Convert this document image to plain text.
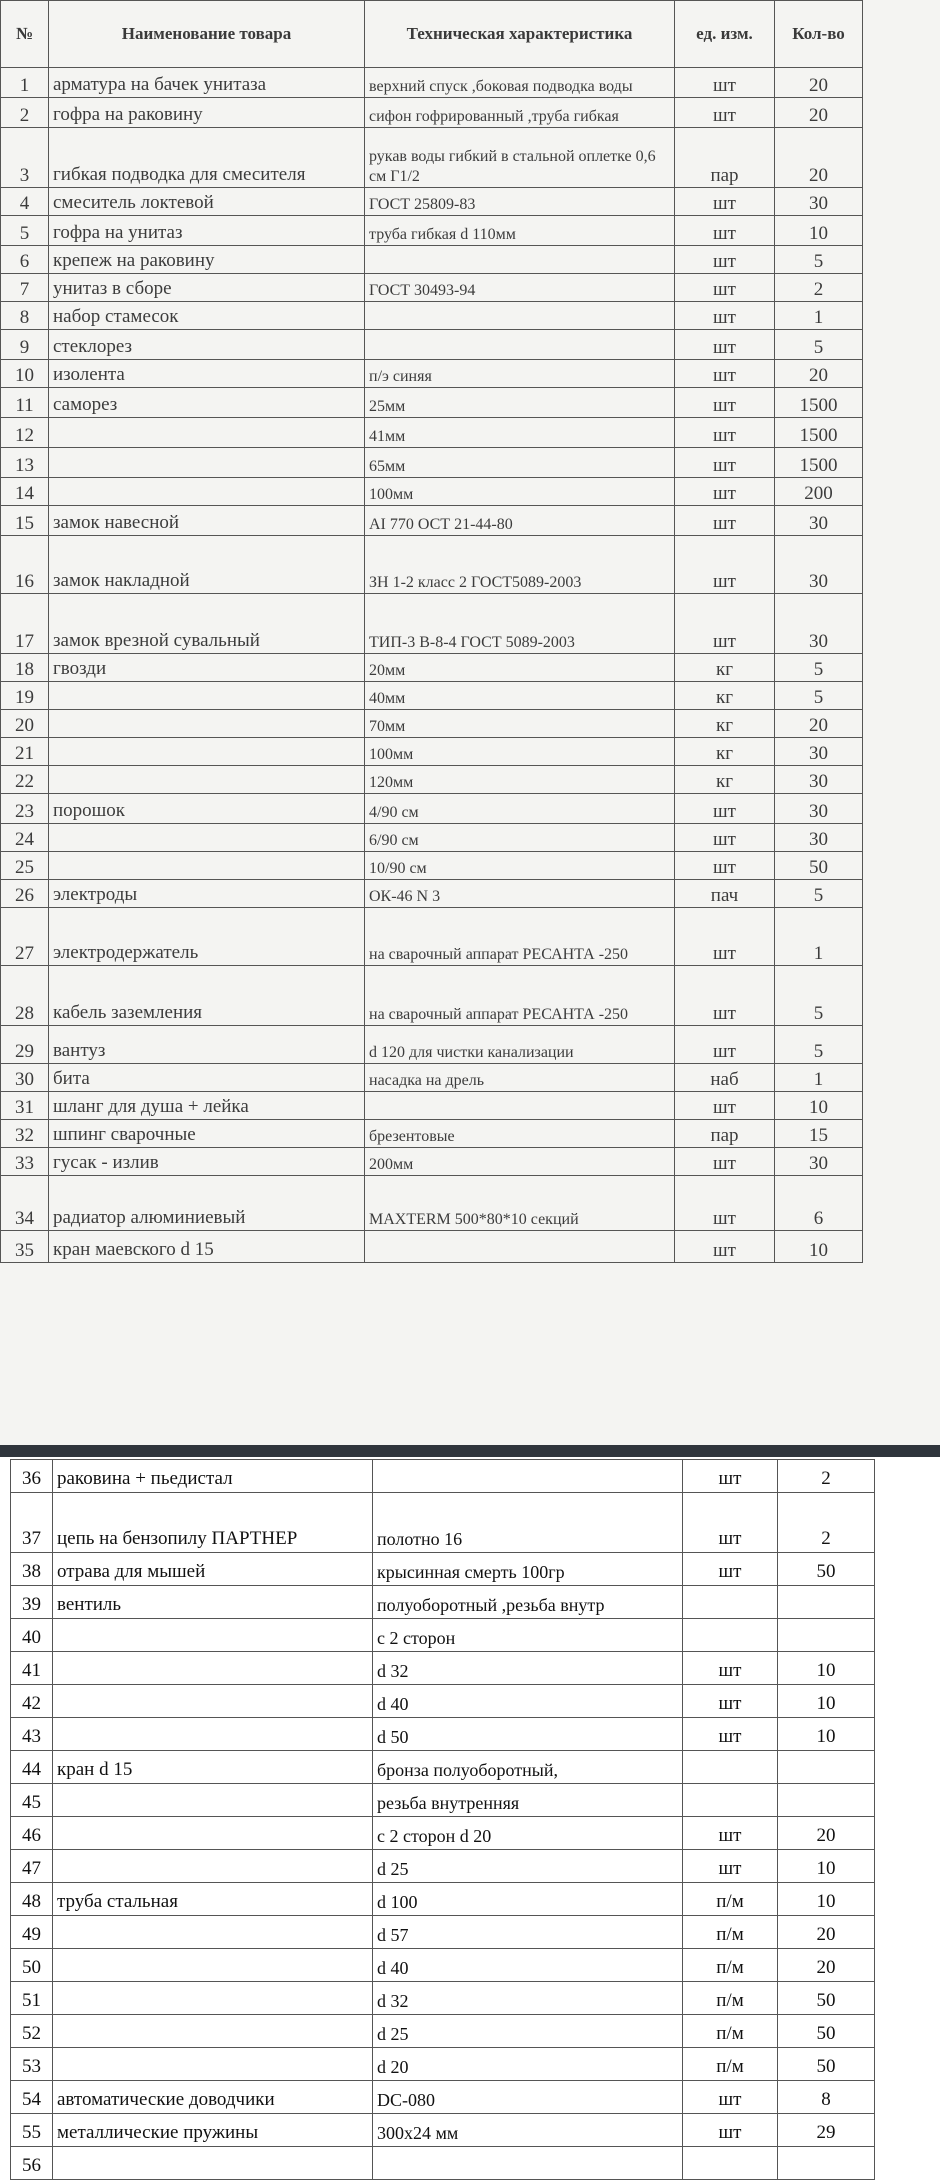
№	Наименование товара	Техническая характеристика	ед. изм.	Кол-во
1	арматура на бачек унитаза	верхний спуск ,боковая подводка воды	шт	20
2	гофра на раковину	сифон гофрированный ,труба гибкая	шт	20
3	гибкая подводка для смесителя	рукав воды гибкий в стальной оплетке 0,6 см Г1/2	пар	20
4	смеситель локтевой	ГОСТ 25809-83	шт	30
5	гофра на унитаз	труба гибкая d 110мм	шт	10
6	крепеж на раковину		шт	5
7	унитаз в сборе	ГОСТ 30493-94	шт	2
8	набор стамесок		шт	1
9	стеклорез		шт	5
10	изолента	п/э синяя	шт	20
11	саморез	25мм	шт	1500
12		41мм	шт	1500
13		65мм	шт	1500
14		100мм	шт	200
15	замок навесной	AI 770 ОСТ 21-44-80	шт	30
16	замок накладной	ЗН 1-2 класс 2 ГОСТ5089-2003	шт	30
17	замок врезной сувальный	ТИП-3 В-8-4 ГОСТ 5089-2003	шт	30
18	гвозди	20мм	кг	5
19		40мм	кг	5
20		70мм	кг	20
21		100мм	кг	30
22		120мм	кг	30
23	порошок	4/90 см	шт	30
24		6/90 см	шт	30
25		10/90 см	шт	50
26	электроды	ОК-46 N 3	пач	5
27	электродержатель	на сварочный аппарат РЕСАНТА -250	шт	1
28	кабель заземления	на сварочный аппарат РЕСАНТА -250	шт	5
29	вантуз	d 120 для чистки канализации	шт	5
30	бита	насадка на дрель	наб	1
31	шланг для душа + лейка		шт	10
32	шпинг сварочные	брезентовые	пар	15
33	гусак - излив	200мм	шт	30
34	радиатор алюминиевый	MAXTERM 500*80*10 секций	шт	6
35	кран маевского d 15		шт	10
36	раковина + пьедистал		шт	2
37	цепь на бензопилу ПАРТНЕР	полотно 16	шт	2
38	отрава для мышей	крысинная смерть 100гр	шт	50
39	вентиль	полуоборотный ,резьба внутр		
40		с 2 сторон		
41		d 32	шт	10
42		d 40	шт	10
43		d 50	шт	10
44	кран d 15	бронза полуоборотный,		
45		резьба внутренняя		
46		с 2 сторон d 20	шт	20
47		d 25	шт	10
48	труба стальная	d 100	п/м	10
49		d 57	п/м	20
50		d 40	п/м	20
51		d 32	п/м	50
52		d 25	п/м	50
53		d 20	п/м	50
54	автоматические доводчики	DC-080	шт	8
55	металлические пружины	300x24 мм	шт	29
56				
